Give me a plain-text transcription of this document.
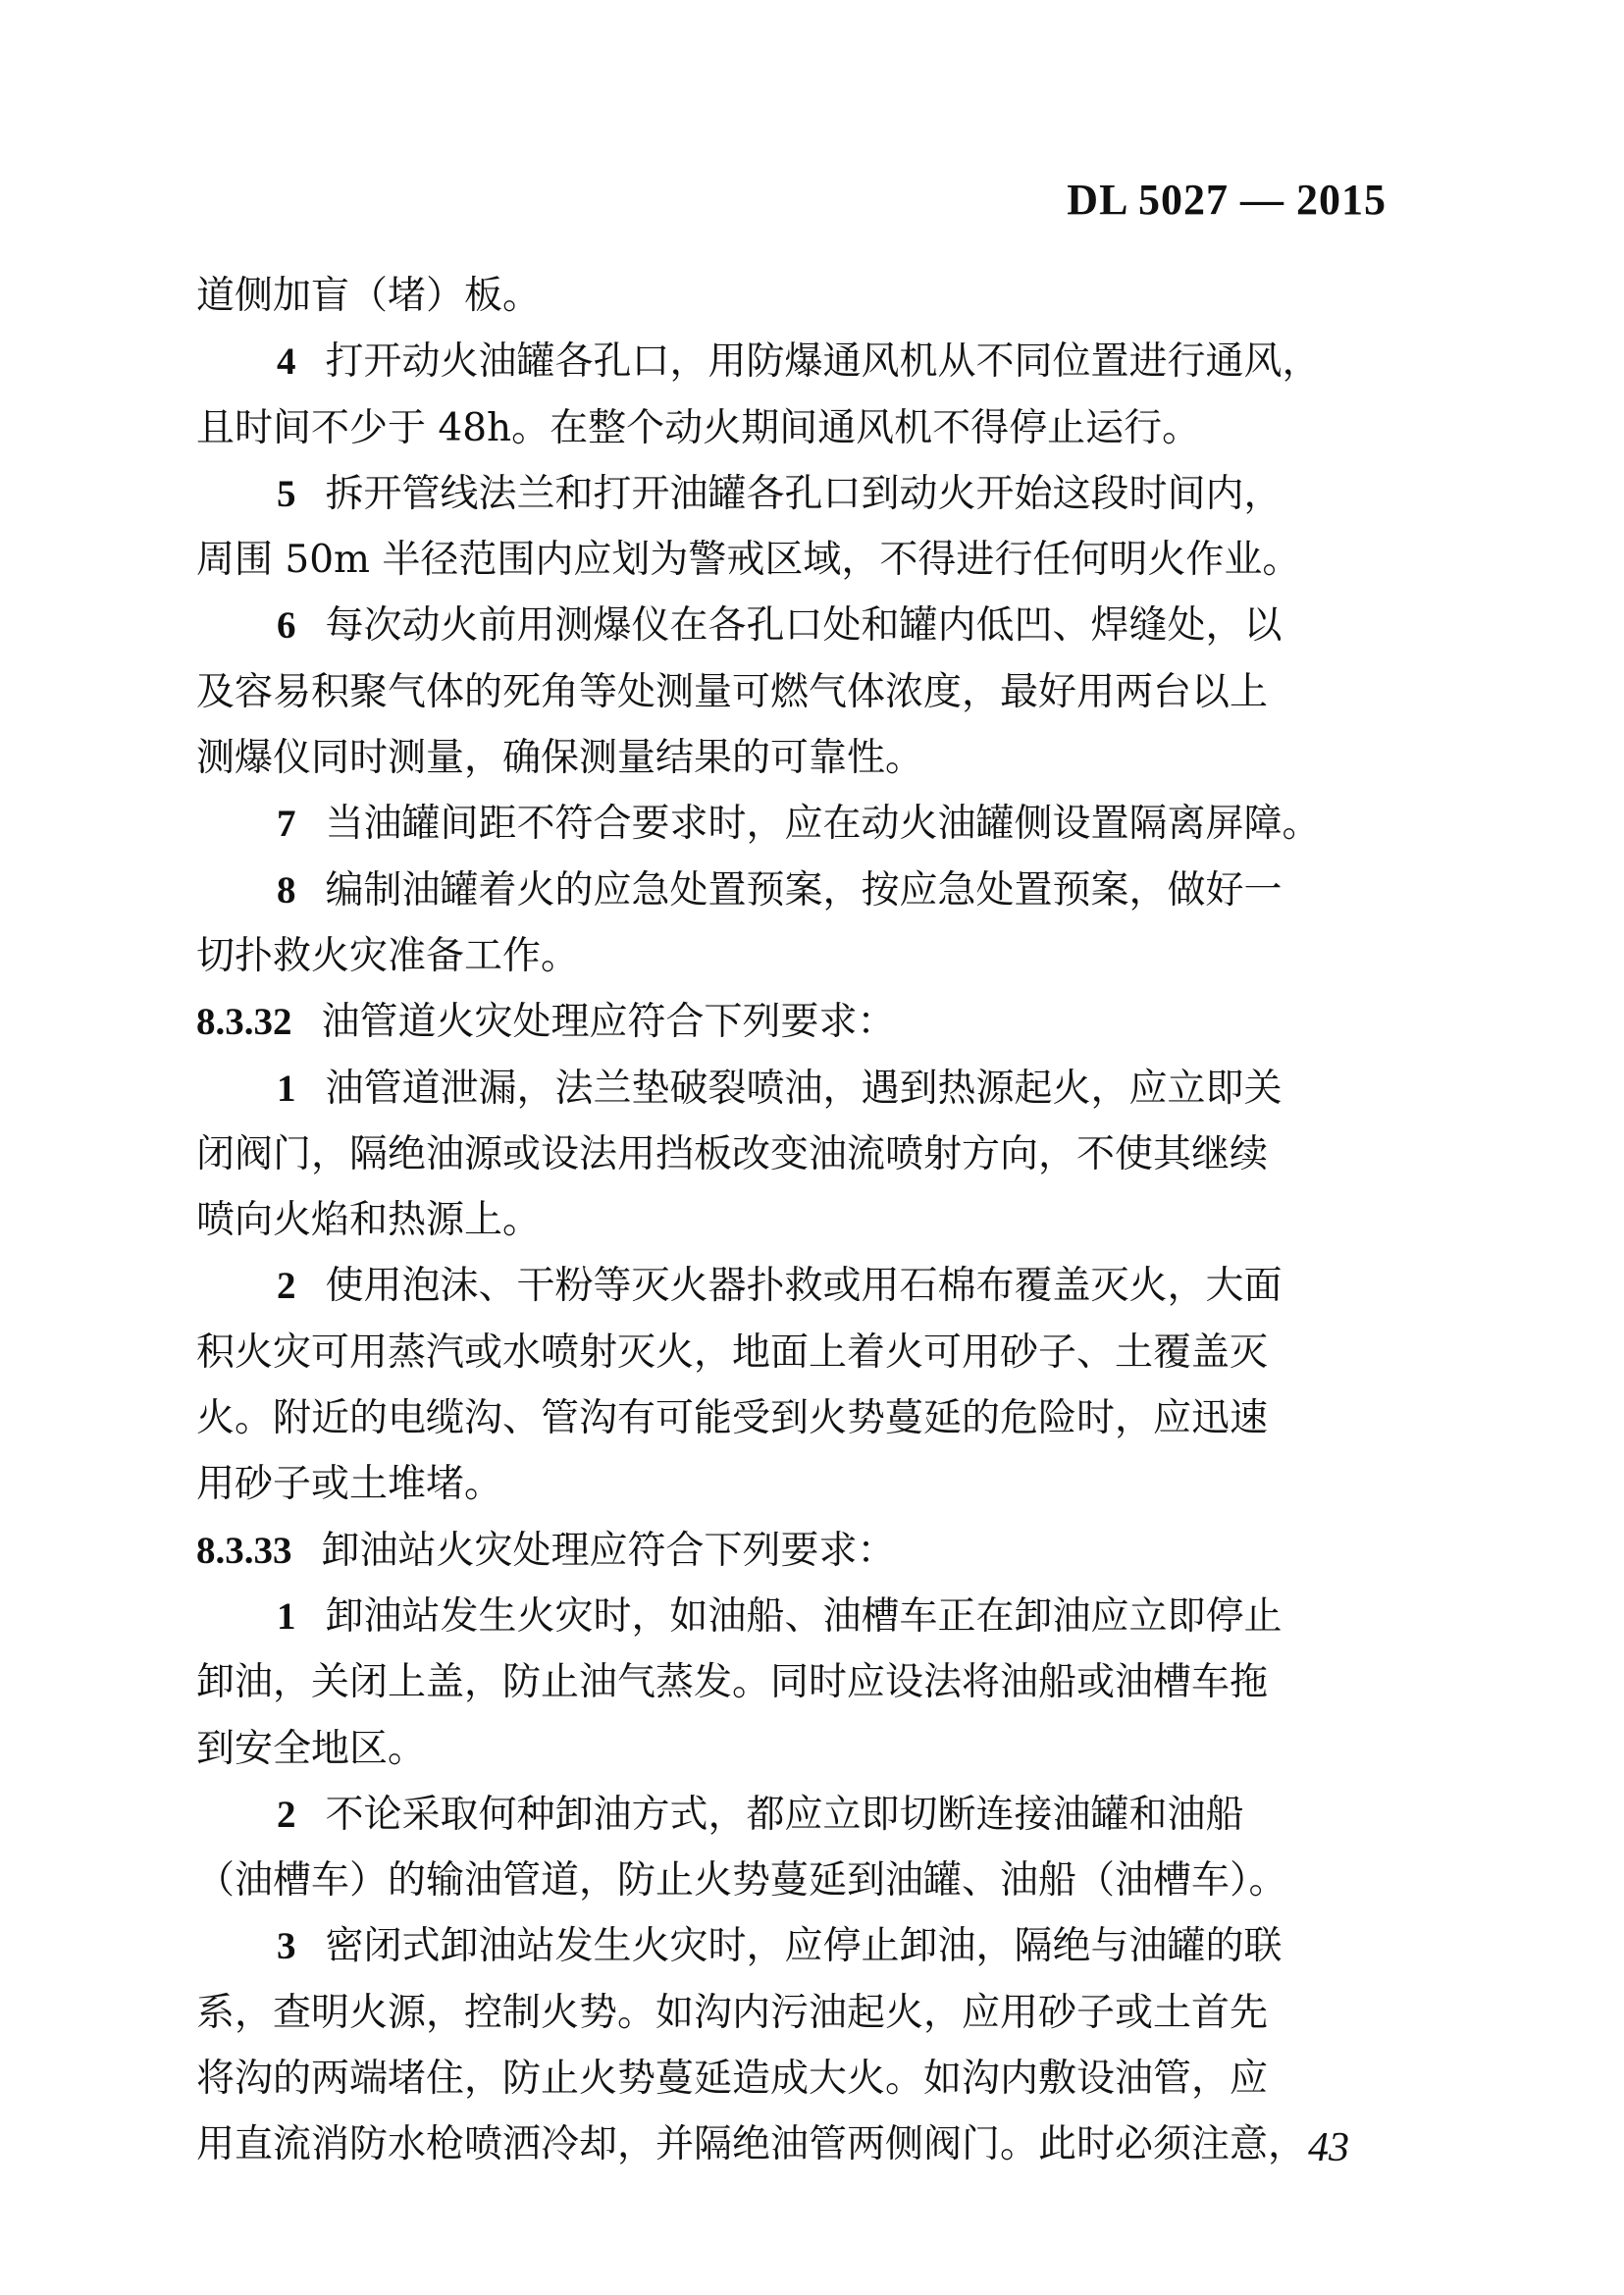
DL 5027 — 2015
道侧加盲（堵）板。
4 打开动火油罐各孔口，用防爆通风机从不同位置进行通风，
且时间不少于 48h。在整个动火期间通风机不得停止运行。
5 拆开管线法兰和打开油罐各孔口到动火开始这段时间内，
周围 50m 半径范围内应划为警戒区域，不得进行任何明火作业。
6 每次动火前用测爆仪在各孔口处和罐内低凹、焊缝处，以
及容易积聚气体的死角等处测量可燃气体浓度，最好用两台以上
测爆仪同时测量，确保测量结果的可靠性。
7 当油罐间距不符合要求时，应在动火油罐侧设置隔离屏障。
8 编制油罐着火的应急处置预案，按应急处置预案，做好一
切扑救火灾准备工作。
8.3.32 油管道火灾处理应符合下列要求：
1 油管道泄漏，法兰垫破裂喷油，遇到热源起火，应立即关
闭阀门，隔绝油源或设法用挡板改变油流喷射方向，不使其继续
喷向火焰和热源上。
2 使用泡沫、干粉等灭火器扑救或用石棉布覆盖灭火，大面
积火灾可用蒸汽或水喷射灭火，地面上着火可用砂子、土覆盖灭
火。附近的电缆沟、管沟有可能受到火势蔓延的危险时，应迅速
用砂子或土堆堵。
8.3.33 卸油站火灾处理应符合下列要求：
1 卸油站发生火灾时，如油船、油槽车正在卸油应立即停止
卸油，关闭上盖，防止油气蒸发。同时应设法将油船或油槽车拖
到安全地区。
2 不论采取何种卸油方式，都应立即切断连接油罐和油船
（油槽车）的输油管道，防止火势蔓延到油罐、油船（油槽车）。
3 密闭式卸油站发生火灾时，应停止卸油，隔绝与油罐的联
系，查明火源，控制火势。如沟内污油起火，应用砂子或土首先
将沟的两端堵住，防止火势蔓延造成大火。如沟内敷设油管，应
用直流消防水枪喷洒冷却，并隔绝油管两侧阀门。此时必须注意， 43
